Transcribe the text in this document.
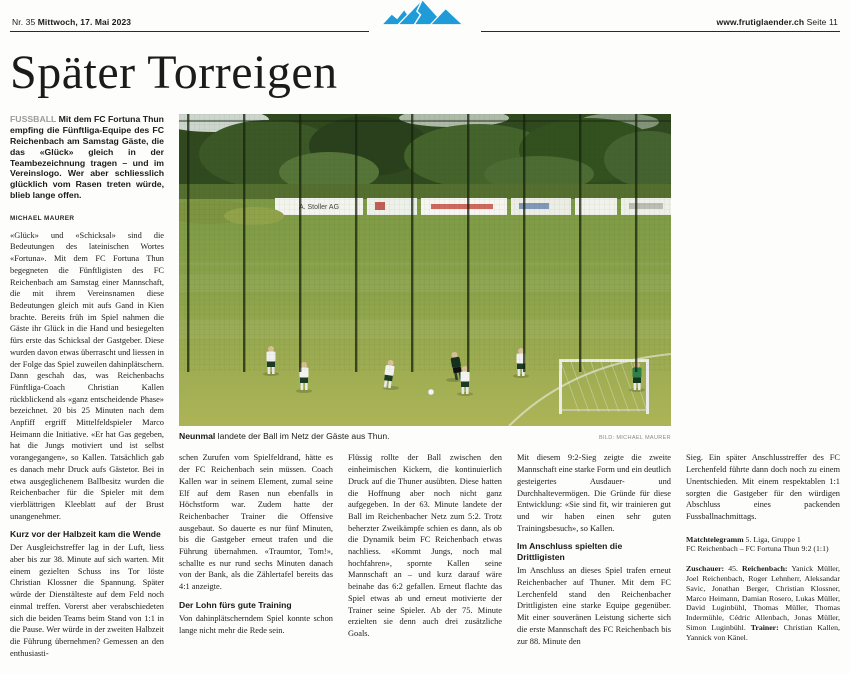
Nr. 35 Mittwoch, 17. Mai 2023	www.frutiglaender.ch Seite 11
Später Torreigen

FUSSBALL Mit dem FC Fortuna Thun empfing die Fünftliga-Equipe des FC Reichenbach am Samstag Gäste, die das «Glück» gleich in der Teambezeichnung tragen – und im Vereinslogo. Wer aber schliesslich glücklich vom Rasen treten würde, blieb lange offen.

MICHAEL MAURER

«Glück» und «Schicksal» sind die Bedeutungen des lateinischen Wortes «Fortuna». Mit dem FC Fortuna Thun begegneten die Fünftligisten des FC Reichenbach am Samstag einer Mannschaft, die mit ihrem Vereinsnamen diese Bedeutungen gleich mit aufs Gand in Kien brachte. Bereits früh im Spiel nahmen die Gäste ihr Glück in die Hand und besiegelten fürs erste das Schicksal der Gastgeber. Diese wurden davon etwas überrascht und liessen in der Folge das Spiel zuweilen dahinplätschern. Dann geschah das, was Reichenbachs Fünftliga-Coach Christian Kallen rückblickend als «ganz entscheidende Phase» bezeichnet. 20 bis 25 Minuten nach dem Anpfiff ergriff Mittelfeldspieler Marco Heimann die Initiative. «Er hat Gas gegeben, hat die Jungs motiviert und ist selbst vorangegangen», so Kallen. Tatsächlich gab es danach mehr Druck aufs Gästetor. Bei in etwa ausgeglichenem Ballbesitz wurden die Reichenbacher für die Spieler mit dem vierblättrigen Kleeblatt auf der Brust unangenehmer.

Kurz vor der Halbzeit kam die Wende

Der Ausgleichstreffer lag in der Luft, liess aber bis zur 38. Minute auf sich warten. Mit einem gezielten Schuss ins Tor löste Christian Klossner die Spannung. Später würde der Dienstälteste auf dem Feld noch einmal treffen. Vorerst aber verabschiedeten sich die beiden Teams beim Stand von 1:1 in die Pause. Wer würde in der zweiten Halbzeit die Führung übernehmen? Gemessen an den enthusiasti-

Neunmal landete der Ball im Netz der Gäste aus Thun.	BILD: MICHAEL MAURER

schen Zurufen vom Spielfeldrand, hätte es der FC Reichenbach sein müssen. Coach Kallen war in seinem Element, zumal seine Elf auf dem Rasen nun ebenfalls in Höchstform war. Zudem hatte der Reichenbacher Trainer die Offensive ausgebaut. So dauerte es nur fünf Minuten, bis die Gastgeber erneut trafen und die Führung übernahmen. «Traumtor, Tom!», schallte es nur rund sechs Minuten danach von der Bank, als die Zählertafel bereits das 4:1 anzeigte.

Der Lohn fürs gute Training

Von dahinplätscherndem Spiel konnte schon lange nicht mehr die Rede sein.

Flüssig rollte der Ball zwischen den einheimischen Kickern, die kontinuierlich Druck auf die Thuner ausübten. Diese hatten die Hoffnung aber noch nicht ganz aufgegeben. In der 63. Minute landete der Ball im Reichenbacher Netz zum 5:2. Trotz beherzter Zweikämpfe schien es dann, als ob die Dynamik beim FC Reichenbach etwas nachliess. «Kommt Jungs, noch mal hochfahren», spornte Kallen seine Mannschaft an – und kurz darauf wäre beinahe das 6:2 gefallen. Erneut flachte das Spiel etwas ab und erneut motivierte der Trainer seine Spieler. Ab der 75. Minute erzielten sie denn auch drei zusätzliche Goals.

Mit diesem 9:2-Sieg zeigte die zweite Mannschaft eine starke Form und ein deutlich gesteigertes Ausdauer- und Durchhaltevermögen. Die Gründe für diese Entwicklung: «Sie sind fit, wir trainieren gut und wir haben einen sehr guten Trainingsbesuch», so Kallen.

Im Anschluss spielten die Drittligisten

Im Anschluss an dieses Spiel trafen erneut Reichenbacher auf Thuner. Mit dem FC Lerchenfeld stand den Reichenbacher Drittligisten eine starke Equipe gegenüber. Mit einer souveränen Leistung sicherte sich die erste Mannschaft des FC Reichenbach bis zur 88. Minute den

Sieg. Ein später Anschlusstreffer des FC Lerchenfeld führte dann doch noch zu einem Unentschieden. Mit einem respektablen 1:1 sorgten die Gastgeber für den würdigen Abschluss eines packenden Fussballnachmittags.

Matchtelegramm 5. Liga, Gruppe 1
FC Reichenbach – FC Fortuna Thun 9:2 (1:1)
Zuschauer: 45. Reichenbach: Yanick Müller, Joel Reichenbach, Roger Lehnherr, Aleksandar Savic, Jonathan Berger, Christian Klossner, Marco Heimann, Damian Rosero, Lukas Müller, David Luginbühl, Thomas Müller, Thomas Indermühle, Cédric Allenbach, Jonas Müller, Simon Luginbühl. Trainer: Christian Kallen, Yannick von Känel.
